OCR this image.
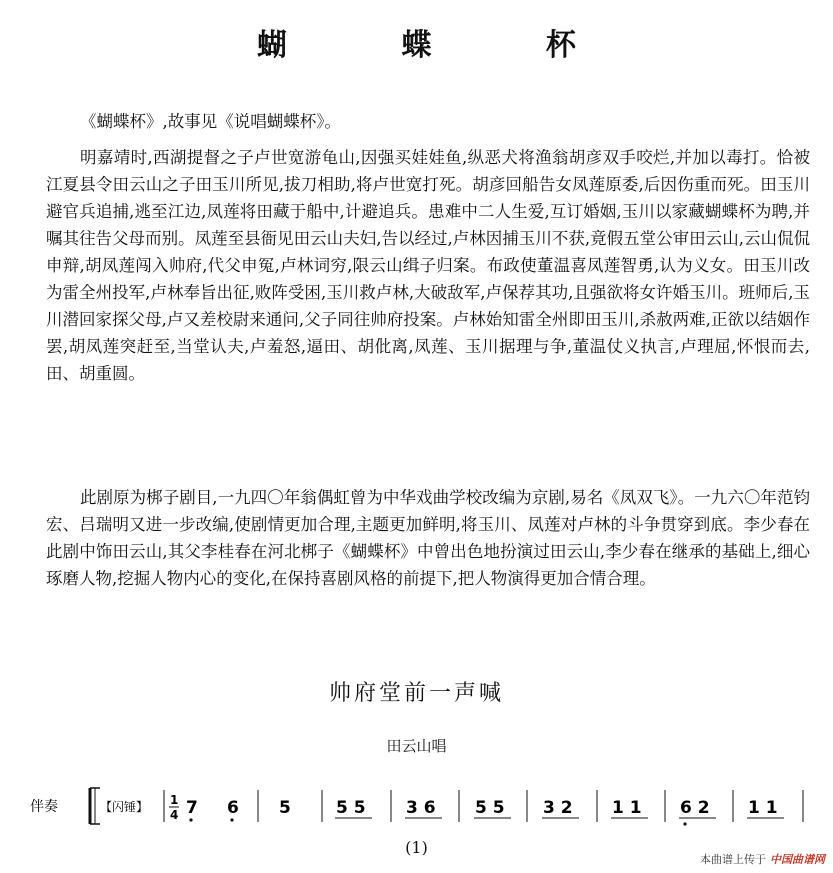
蝴 蝶 杯

《蝴蝶杯》,故事见《说唱蝴蝶杯》。

明嘉靖时,西湖提督之子卢世宽游龟山,因强买娃娃鱼,纵恶犬将渔翁胡彦双手咬烂,并加以毒打。恰被江夏县令田云山之子田玉川所见,拔刀相助,将卢世宽打死。胡彦回船告女凤莲原委,后因伤重而死。田玉川避官兵追捕,逃至江边,凤莲将田藏于船中,计避追兵。患难中二人生爱,互订婚姻,玉川以家藏蝴蝶杯为聘,并嘱其往告父母而别。凤莲至县衙见田云山夫妇,告以经过,卢林因捕玉川不获,竟假五堂公审田云山,云山侃侃申辩,胡凤莲闯入帅府,代父申冤,卢林词穷,限云山缉子归案。布政使董温喜凤莲智勇,认为义女。田玉川改为雷全州投军,卢林奉旨出征,败阵受困,玉川救卢林,大破敌军,卢保荐其功,且强欲将女许婚玉川。班师后,玉川潜回家探父母,卢又差校尉来通问,父子同往帅府投案。卢林始知雷全州即田玉川,杀赦两难,正欲以结姻作罢,胡凤莲突赶至,当堂认夫,卢羞怒,逼田、胡仳离,凤莲、玉川据理与争,董温仗义执言,卢理屈,怀恨而去,田、胡重圆。

此剧原为梆子剧目,一九四〇年翁偶虹曾为中华戏曲学校改编为京剧,易名《凤双飞》。一九六〇年范钧宏、吕瑞明又进一步改编,使剧情更加合理,主题更加鲜明,将玉川、凤莲对卢林的斗争贯穿到底。李少春在此剧中饰田云山,其父李桂春在河北梆子《蝴蝶杯》中曾出色地扮演过田云山,李少春在继承的基础上,细心琢磨人物,挖掘人物内心的变化,在保持喜剧风格的前提下,把人物演得更加合情合理。

帅府堂前一声喊
田云山唱
伴奏	【闪锤】 1
4 7 6 5	5 5 3 6 5 5 3 2 1 1 6 2 1 1
(1)
本曲谱上传于 中国曲谱网
